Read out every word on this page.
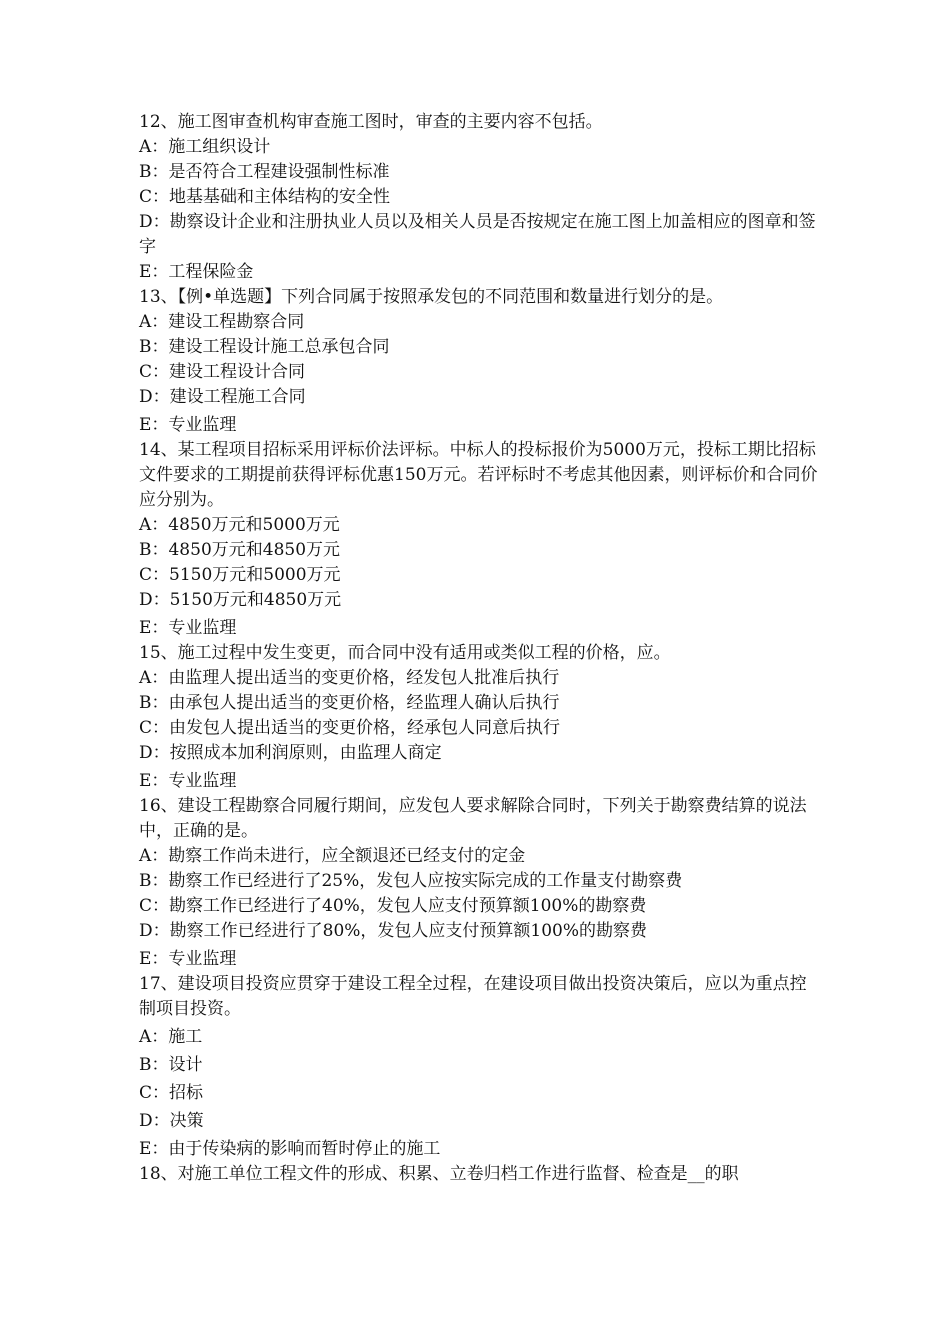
12、施工图审查机构审查施工图时，审查的主要内容不包括。
A：施工组织设计
B：是否符合工程建设强制性标准
C：地基基础和主体结构的安全性
D：勘察设计企业和注册执业人员以及相关人员是否按规定在施工图上加盖相应的图章和签字
E：工程保险金
13、【例•单选题】下列合同属于按照承发包的不同范围和数量进行划分的是。
A：建设工程勘察合同
B：建设工程设计施工总承包合同
C：建设工程设计合同
D：建设工程施工合同
E：专业监理
14、某工程项目招标采用评标价法评标。中标人的投标报价为5000万元，投标工期比招标文件要求的工期提前获得评标优惠150万元。若评标时不考虑其他因素，则评标价和合同价应分别为。
A：4850万元和5000万元
B：4850万元和4850万元
C：5150万元和5000万元
D：5150万元和4850万元
E：专业监理
15、施工过程中发生变更，而合同中没有适用或类似工程的价格，应。
A：由监理人提出适当的变更价格，经发包人批准后执行
B：由承包人提出适当的变更价格，经监理人确认后执行
C：由发包人提出适当的变更价格，经承包人同意后执行
D：按照成本加利润原则，由监理人商定
E：专业监理
16、建设工程勘察合同履行期间，应发包人要求解除合同时，下列关于勘察费结算的说法中，正确的是。
A：勘察工作尚未进行，应全额退还已经支付的定金
B：勘察工作已经进行了25%，发包人应按实际完成的工作量支付勘察费
C：勘察工作已经进行了40%，发包人应支付预算额100%的勘察费
D：勘察工作已经进行了80%，发包人应支付预算额100%的勘察费
E：专业监理
17、建设项目投资应贯穿于建设工程全过程，在建设项目做出投资决策后，应以为重点控制项目投资。
A：施工
B：设计
C：招标
D：决策
E：由于传染病的影响而暂时停止的施工
18、对施工单位工程文件的形成、积累、立卷归档工作进行监督、检查是__的职
